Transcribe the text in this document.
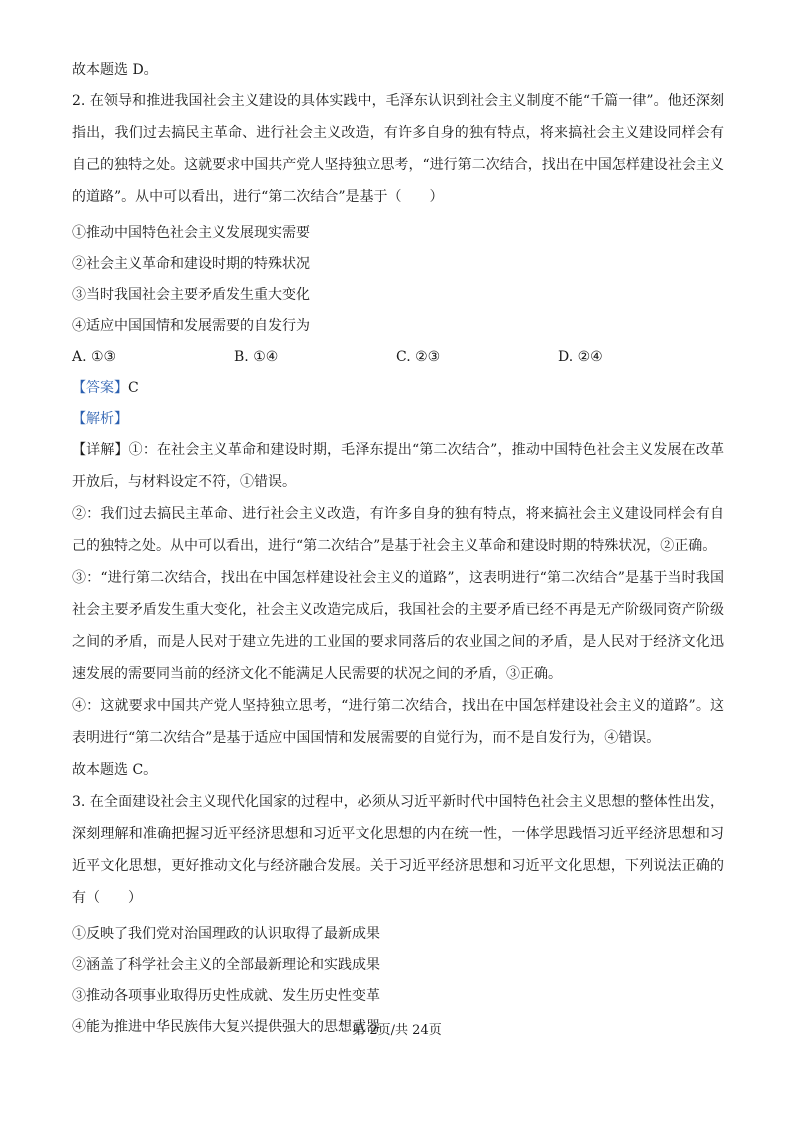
故本题选 D。

2. 在领导和推进我国社会主义建设的具体实践中，毛泽东认识到社会主义制度不能“千篇一律”。他还深刻指出，我们过去搞民主革命、进行社会主义改造，有许多自身的独有特点，将来搞社会主义建设同样会有自己的独特之处。这就要求中国共产党人坚持独立思考，“进行第二次结合，找出在中国怎样建设社会主义的道路”。从中可以看出，进行“第二次结合”是基于（　　）

①推动中国特色社会主义发展现实需要

②社会主义革命和建设时期的特殊状况

③当时我国社会主要矛盾发生重大变化

④适应中国国情和发展需要的自发行为

A. ①③	B. ①④	C. ②③	D. ②④

【答案】C

【解析】

【详解】①：在社会主义革命和建设时期，毛泽东提出“第二次结合”，推动中国特色社会主义发展在改革开放后，与材料设定不符，①错误。

②：我们过去搞民主革命、进行社会主义改造，有许多自身的独有特点，将来搞社会主义建设同样会有自己的独特之处。从中可以看出，进行“第二次结合”是基于社会主义革命和建设时期的特殊状况，②正确。

③：“进行第二次结合，找出在中国怎样建设社会主义的道路”，这表明进行“第二次结合”是基于当时我国社会主要矛盾发生重大变化，社会主义改造完成后，我国社会的主要矛盾已经不再是无产阶级同资产阶级之间的矛盾，而是人民对于建立先进的工业国的要求同落后的农业国之间的矛盾，是人民对于经济文化迅速发展的需要同当前的经济文化不能满足人民需要的状况之间的矛盾，③正确。

④：这就要求中国共产党人坚持独立思考，“进行第二次结合，找出在中国怎样建设社会主义的道路”。这表明进行“第二次结合”是基于适应中国国情和发展需要的自觉行为，而不是自发行为，④错误。

故本题选 C。

3. 在全面建设社会主义现代化国家的过程中，必须从习近平新时代中国特色社会主义思想的整体性出发，深刻理解和准确把握习近平经济思想和习近平文化思想的内在统一性，一体学思践悟习近平经济思想和习近平文化思想，更好推动文化与经济融合发展。关于习近平经济思想和习近平文化思想，下列说法正确的有（　　）

①反映了我们党对治国理政的认识取得了最新成果

②涵盖了科学社会主义的全部最新理论和实践成果

③推动各项事业取得历史性成就、发生历史性变革

④能为推进中华民族伟大复兴提供强大的思想武器

第 2页/共 24页
